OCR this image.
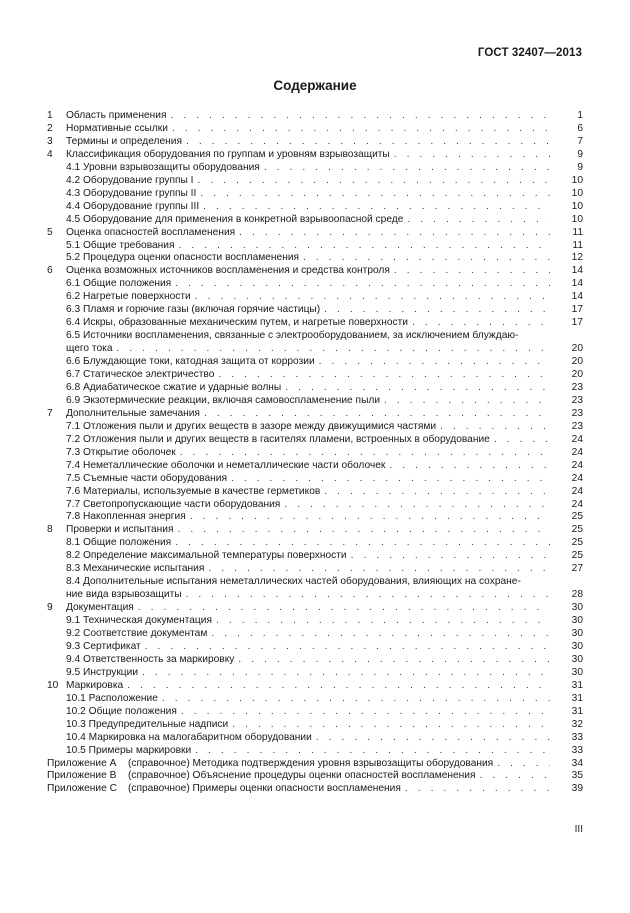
ГОСТ 32407—2013
Содержание
1 Область применения . . .	1
2 Нормативные ссылки . . .	6
3 Термины и определения . . .	7
4 Классификация оборудования по группам и уровням взрывозащиты . . .	9
4.1 Уровни взрывозащиты оборудования . . .	9
4.2 Оборудование группы I . . .	10
4.3 Оборудование группы II . . .	10
4.4 Оборудование группы III . . .	10
4.5 Оборудование для применения в конкретной взрывоопасной среде . . .	10
5 Оценка опасностей воспламенения . . .	11
5.1 Общие требования . . .	11
5.2 Процедура оценки опасности воспламенения . . .	12
6 Оценка возможных источников воспламенения и средства контроля . . .	14
6.1 Общие положения . . .	14
6.2 Нагретые поверхности . . .	14
6.3 Пламя и горючие газы (включая горячие частицы) . . .	17
6.4 Искры, образованные механическим путем, и нагретые поверхности . . .	17
6.5 Источники воспламенения, связанные с электрооборудованием, за исключением блуждаю-
щего тока . . .	20
6.6 Блуждающие токи, катодная защита от коррозии . . .	20
6.7 Статическое электричество . . .	20
6.8 Адиабатическое сжатие и ударные волны . . .	23
6.9 Экзотермические реакции, включая самовоспламенение пыли . . .	23
7 Дополнительные замечания . . .	23
7.1 Отложения пыли и других веществ в зазоре между движущимися частями . . .	23
7.2 Отложения пыли и других веществ в гасителях пламени, встроенных в оборудование . . .	24
7.3 Открытие оболочек . . .	24
7.4 Неметаллические оболочки и неметаллические части оболочек . . .	24
7.5 Съемные части оборудования . . .	24
7.6 Материалы, используемые в качестве герметиков . . .	24
7.7 Светопропускающие части оборудования . . .	24
7.8 Накопленная энергия . . .	25
8 Проверки и испытания . . .	25
8.1 Общие положения . . .	25
8.2 Определение максимальной температуры поверхности . . .	25
8.3 Механические испытания . . .	27
8.4 Дополнительные испытания неметаллических частей оборудования, влияющих на сохране-
ние вида взрывозащиты . . .	28
9 Документация . . .	30
9.1 Техническая документация . . .	30
9.2 Соответствие документам . . .	30
9.3 Сертификат . . .	30
9.4 Ответственность за маркировку . . .	30
9.5 Инструкции . . .	30
10 Маркировка . . .	31
10.1 Расположение . . .	31
10.2 Общие положения . . .	31
10.3 Предупредительные надписи . . .	32
10.4 Маркировка на малогабаритном оборудовании . . .	33
10.5 Примеры маркировки . . .	33
Приложение А (справочное) Методика подтверждения уровня взрывозащиты оборудования . . .	34
Приложение В (справочное) Объяснение процедуры оценки опасностей воспламенения . . .	35
Приложение С (справочное) Примеры оценки опасности воспламенения . . .	39
III
